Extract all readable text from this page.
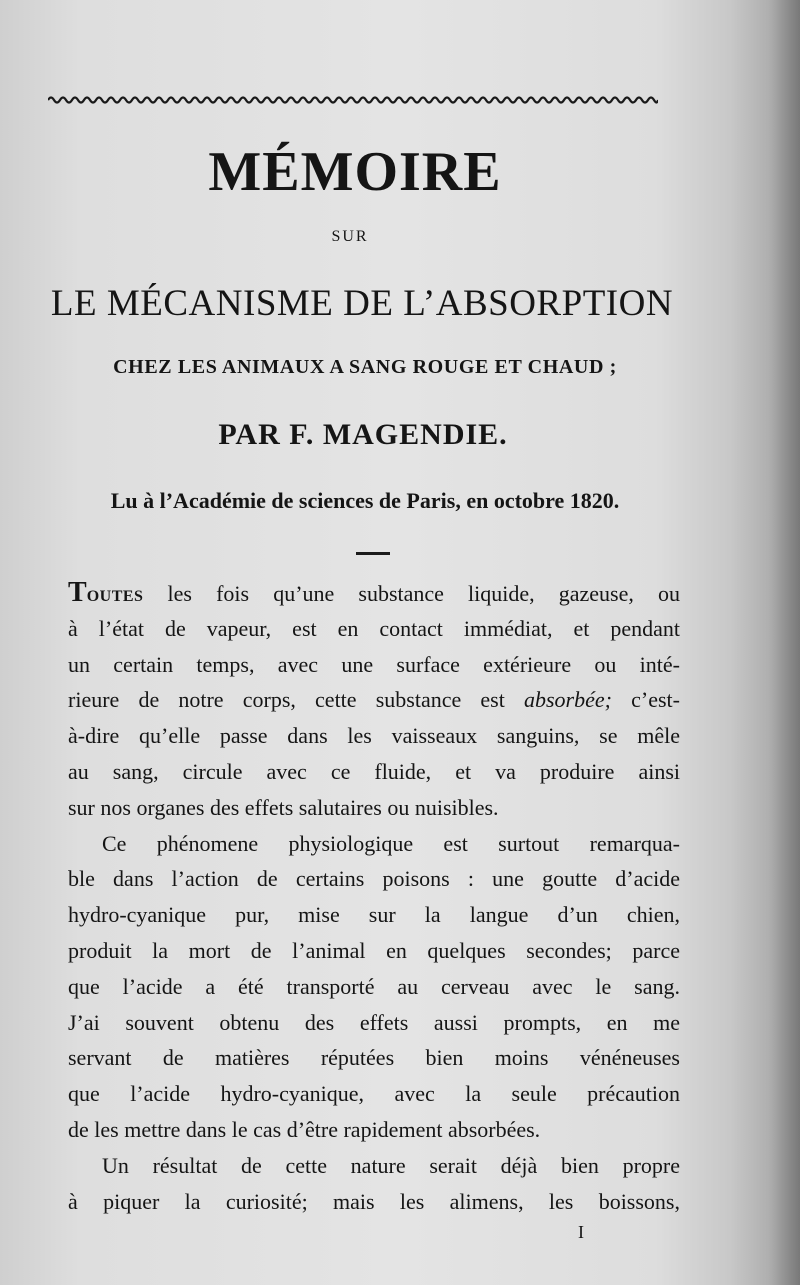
MÉMOIRE
SUR
LE MÉCANISME DE L’ABSORPTION
CHEZ LES ANIMAUX A SANG ROUGE ET CHAUD ;
PAR F. MAGENDIE.
Lu à l’Académie de sciences de Paris, en octobre 1820.
TOUTES les fois qu’une substance liquide, gazeuse, ou
à l’état de vapeur, est en contact immédiat, et pendant
un certain temps, avec une surface extérieure ou inté-
rieure de notre corps, cette substance est absorbée; c’est-
à-dire qu’elle passe dans les vaisseaux sanguins, se mêle
au sang, circule avec ce fluide, et va produire ainsi
sur nos organes des effets salutaires ou nuisibles.
Ce phénomene physiologique est surtout remarqua-
ble dans l’action de certains poisons : une goutte d’acide
hydro-cyanique pur, mise sur la langue d’un chien,
produit la mort de l’animal en quelques secondes; parce
que l’acide a été transporté au cerveau avec le sang.
J’ai souvent obtenu des effets aussi prompts, en me
servant de matières réputées bien moins vénéneuses
que l’acide hydro-cyanique, avec la seule précaution
de les mettre dans le cas d’être rapidement absorbées.
Un résultat de cette nature serait déjà bien propre
à piquer la curiosité; mais les alimens, les boissons,
I
